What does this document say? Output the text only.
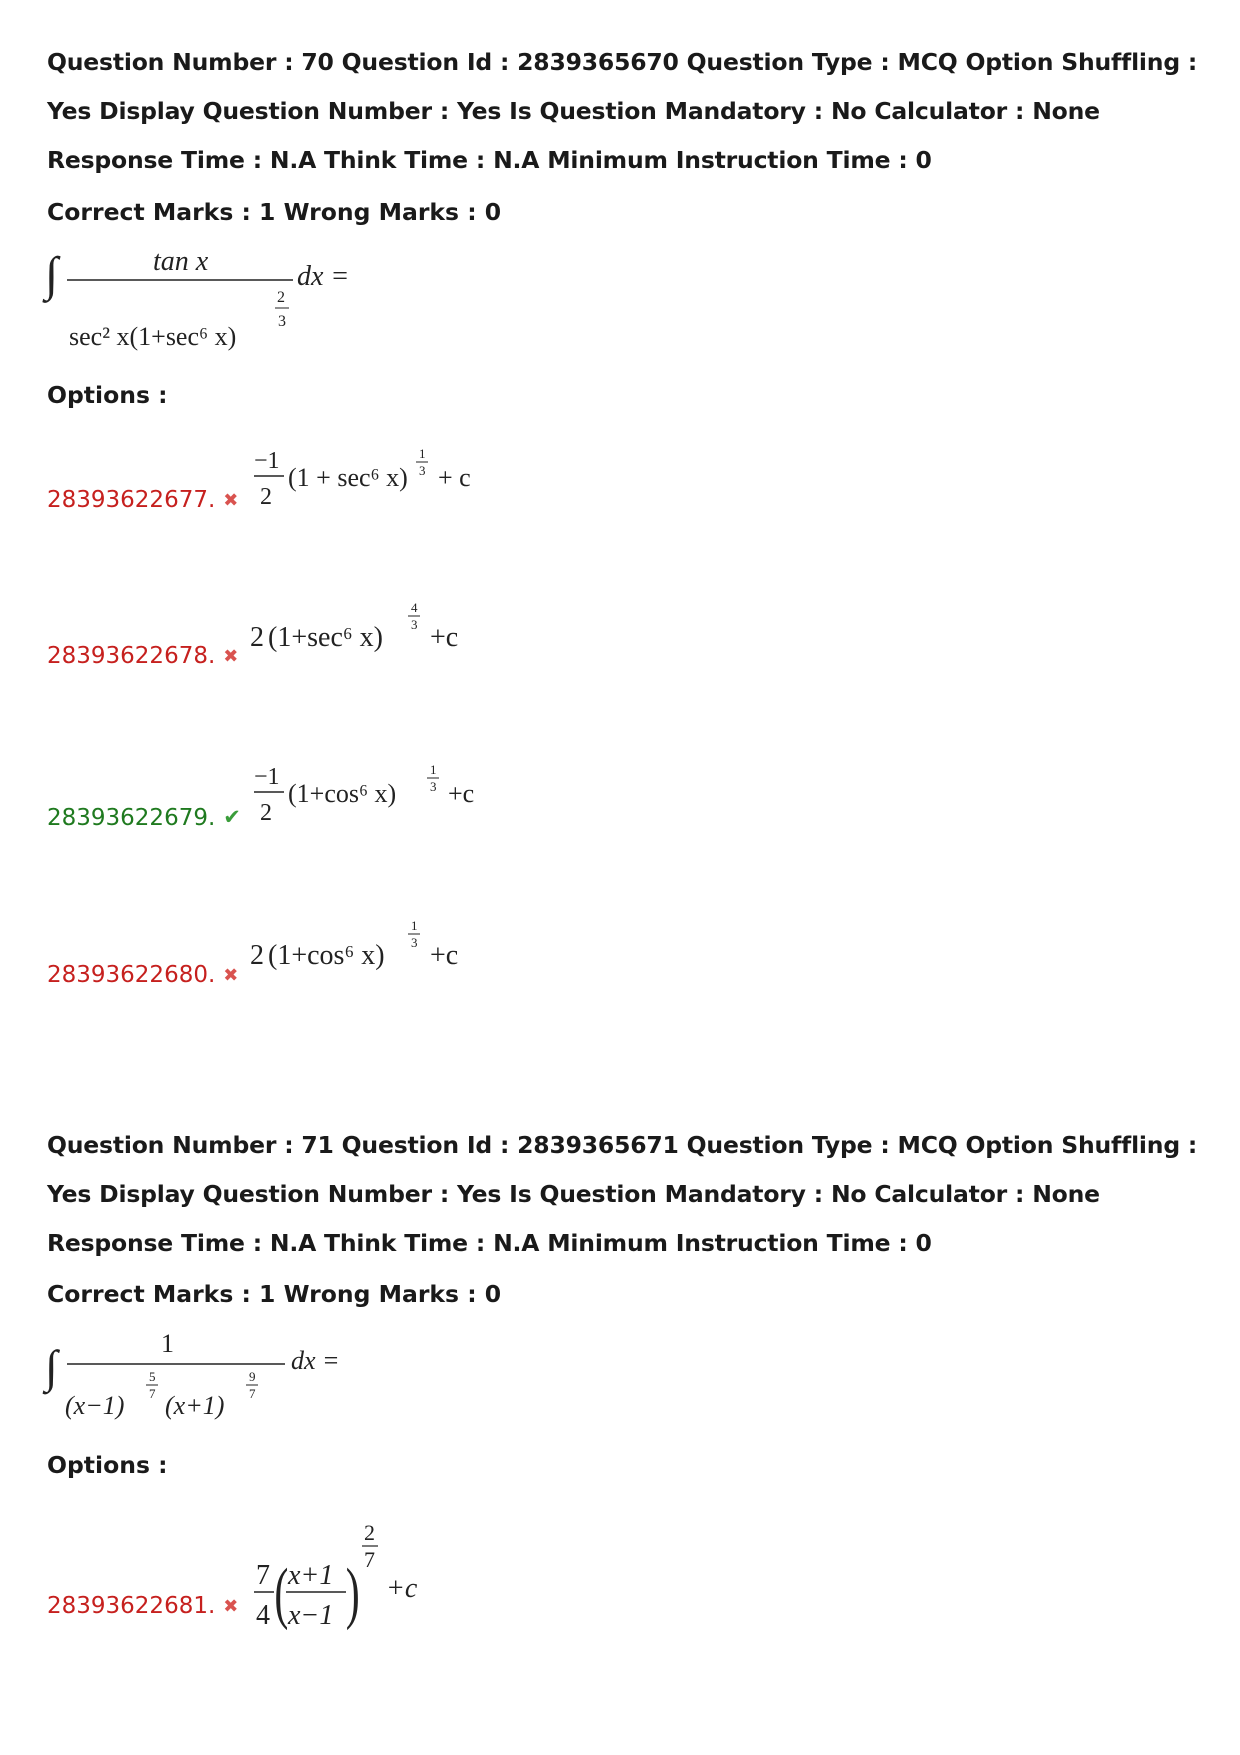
Question Number : 70 Question Id : 2839365670 Question Type : MCQ Option Shuffling : Yes Display Question Number : Yes Is Question Mandatory : No Calculator : None Response Time : N.A Think Time : N.A Minimum Instruction Time : 0
Correct Marks : 1 Wrong Marks : 0
∫	tan x	dx =
sec² x(1+sec⁶ x)
2
3
Options :
28393622677. ✖
−1
2
(1 + sec⁶ x)
1
3 + c
28393622678. ✖
2 (1+sec⁶ x)
4
3 +c
28393622679. ✔
−1
2
(1+cos⁶ x)
1
3 +c
28393622680. ✖
2 (1+cos⁶ x)
1
3 +c
Question Number : 71 Question Id : 2839365671 Question Type : MCQ Option Shuffling : Yes Display Question Number : Yes Is Question Mandatory : No Calculator : None Response Time : N.A Think Time : N.A Minimum Instruction Time : 0
Correct Marks : 1 Wrong Marks : 0
∫	1
dx =
(x−1)
5
7 (x+1)
9
7
Options :
28393622681. ✖
7
4 ( x+1
x−1 )
2
7
+c
